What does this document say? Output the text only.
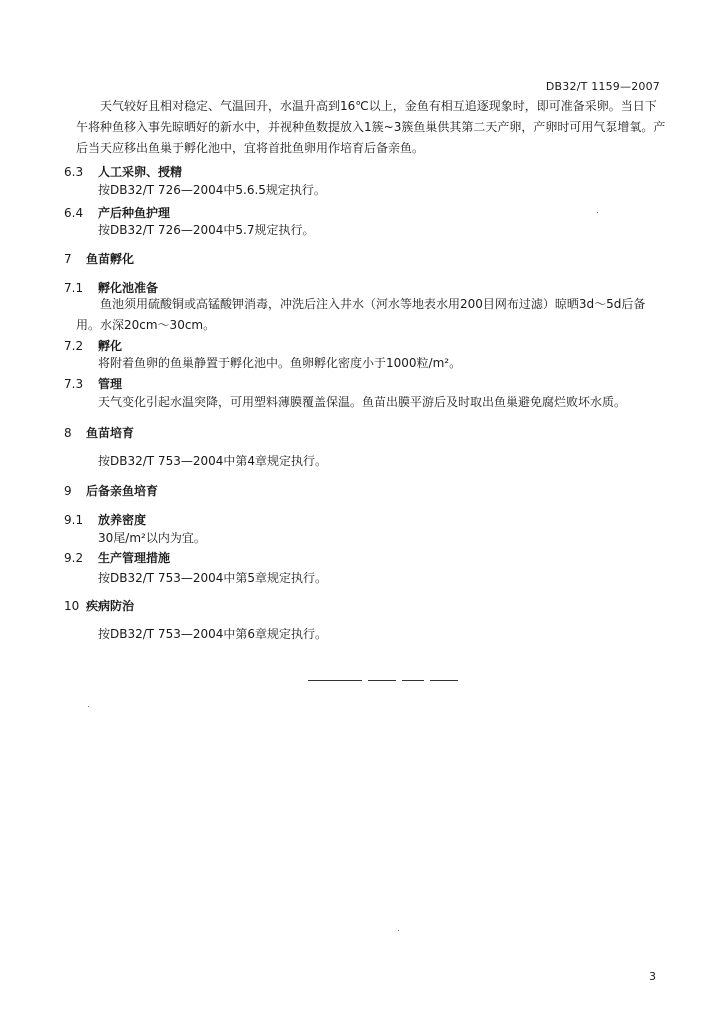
DB32/T 1159—2007
天气较好且相对稳定、气温回升，水温升高到16℃以上，金鱼有相互追逐现象时，即可准备采卵。当日下午将种鱼移入事先晾晒好的新水中，并视种鱼数提放入1簇~3簇鱼巢供其第二天产卵，产卵时可用气泵增氧。产后当天应移出鱼巢于孵化池中，宜将首批鱼卵用作培育后备亲鱼。
6.3 人工采卵、授精
按DB32/T 726—2004中5.6.5规定执行。
6.4 产后种鱼护理
按DB32/T 726—2004中5.7规定执行。
7 鱼苗孵化
7.1 孵化池准备
鱼池须用硫酸铜或高锰酸钾消毒，冲洗后注入井水（河水等地表水用200目网布过滤）晾晒3d～5d后备用。水深20cm～30cm。
7.2 孵化
将附着鱼卵的鱼巢静置于孵化池中。鱼卵孵化密度小于1000粒/m²。
7.3 管理
天气变化引起水温突降，可用塑料薄膜覆盖保温。鱼苗出膜平游后及时取出鱼巢避免腐烂败坏水质。
8 鱼苗培育
按DB32/T 753—2004中第4章规定执行。
9 后备亲鱼培育
9.1 放养密度
30尾/m²以内为宜。
9.2 生产管理措施
按DB32/T 753—2004中第5章规定执行。
10 疾病防治
按DB32/T 753—2004中第6章规定执行。
3
